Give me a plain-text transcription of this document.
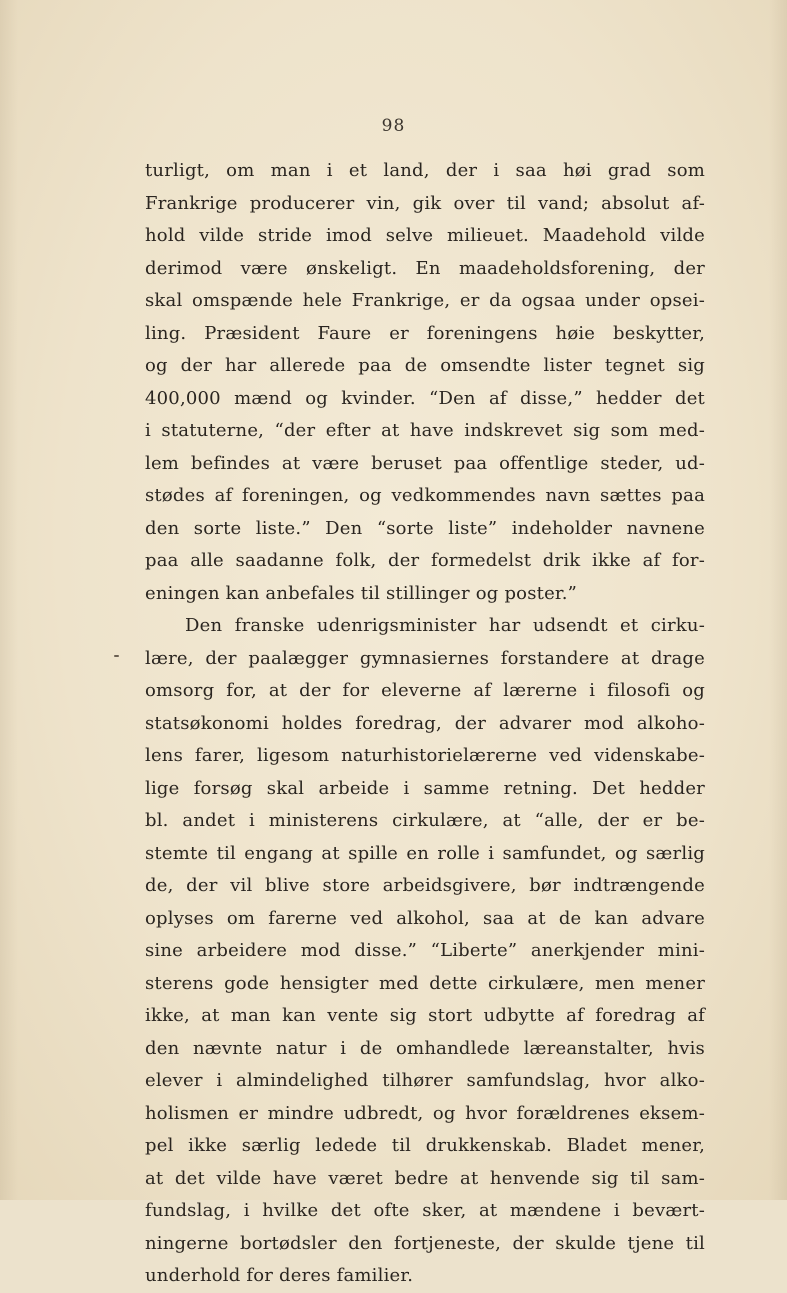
98
turligt, om man i et land, der i saa høi grad som
Frankrige producerer vin, gik over til vand; absolut af-
hold vilde stride imod selve milieuet. Maadehold vilde
derimod være ønskeligt. En maadeholdsforening, der
skal omspænde hele Frankrige, er da ogsaa under opsei-
ling. Præsident Faure er foreningens høie beskytter,
og der har allerede paa de omsendte lister tegnet sig
400,000 mænd og kvinder. “Den af disse,” hedder det
i statuterne, “der efter at have indskrevet sig som med-
lem befindes at være beruset paa offentlige steder, ud-
stødes af foreningen, og vedkommendes navn sættes paa
den sorte liste.” Den “sorte liste” indeholder navnene
paa alle saadanne folk, der formedelst drik ikke af for-
eningen kan anbefales til stillinger og poster.”
Den franske udenrigsminister har udsendt et cirku-
lære, der paalægger gymnasiernes forstandere at drage
omsorg for, at der for eleverne af lærerne i filosofi og
statsøkonomi holdes foredrag, der advarer mod alkoho-
lens farer, ligesom naturhistorielærerne ved videnskabe-
lige forsøg skal arbeide i samme retning. Det hedder
bl. andet i ministerens cirkulære, at “alle, der er be-
stemte til engang at spille en rolle i samfundet, og særlig
de, der vil blive store arbeidsgivere, bør indtrængende
oplyses om farerne ved alkohol, saa at de kan advare
sine arbeidere mod disse.” “Liberte” anerkjender mini-
sterens gode hensigter med dette cirkulære, men mener
ikke, at man kan vente sig stort udbytte af foredrag af
den nævnte natur i de omhandlede læreanstalter, hvis
elever i almindelighed tilhører samfundslag, hvor alko-
holismen er mindre udbredt, og hvor forældrenes eksem-
pel ikke særlig ledede til drukkenskab. Bladet mener,
at det vilde have været bedre at henvende sig til sam-
fundslag, i hvilke det ofte sker, at mændene i bevært-
ningerne bortødsler den fortjeneste, der skulde tjene til
underhold for deres familier.
